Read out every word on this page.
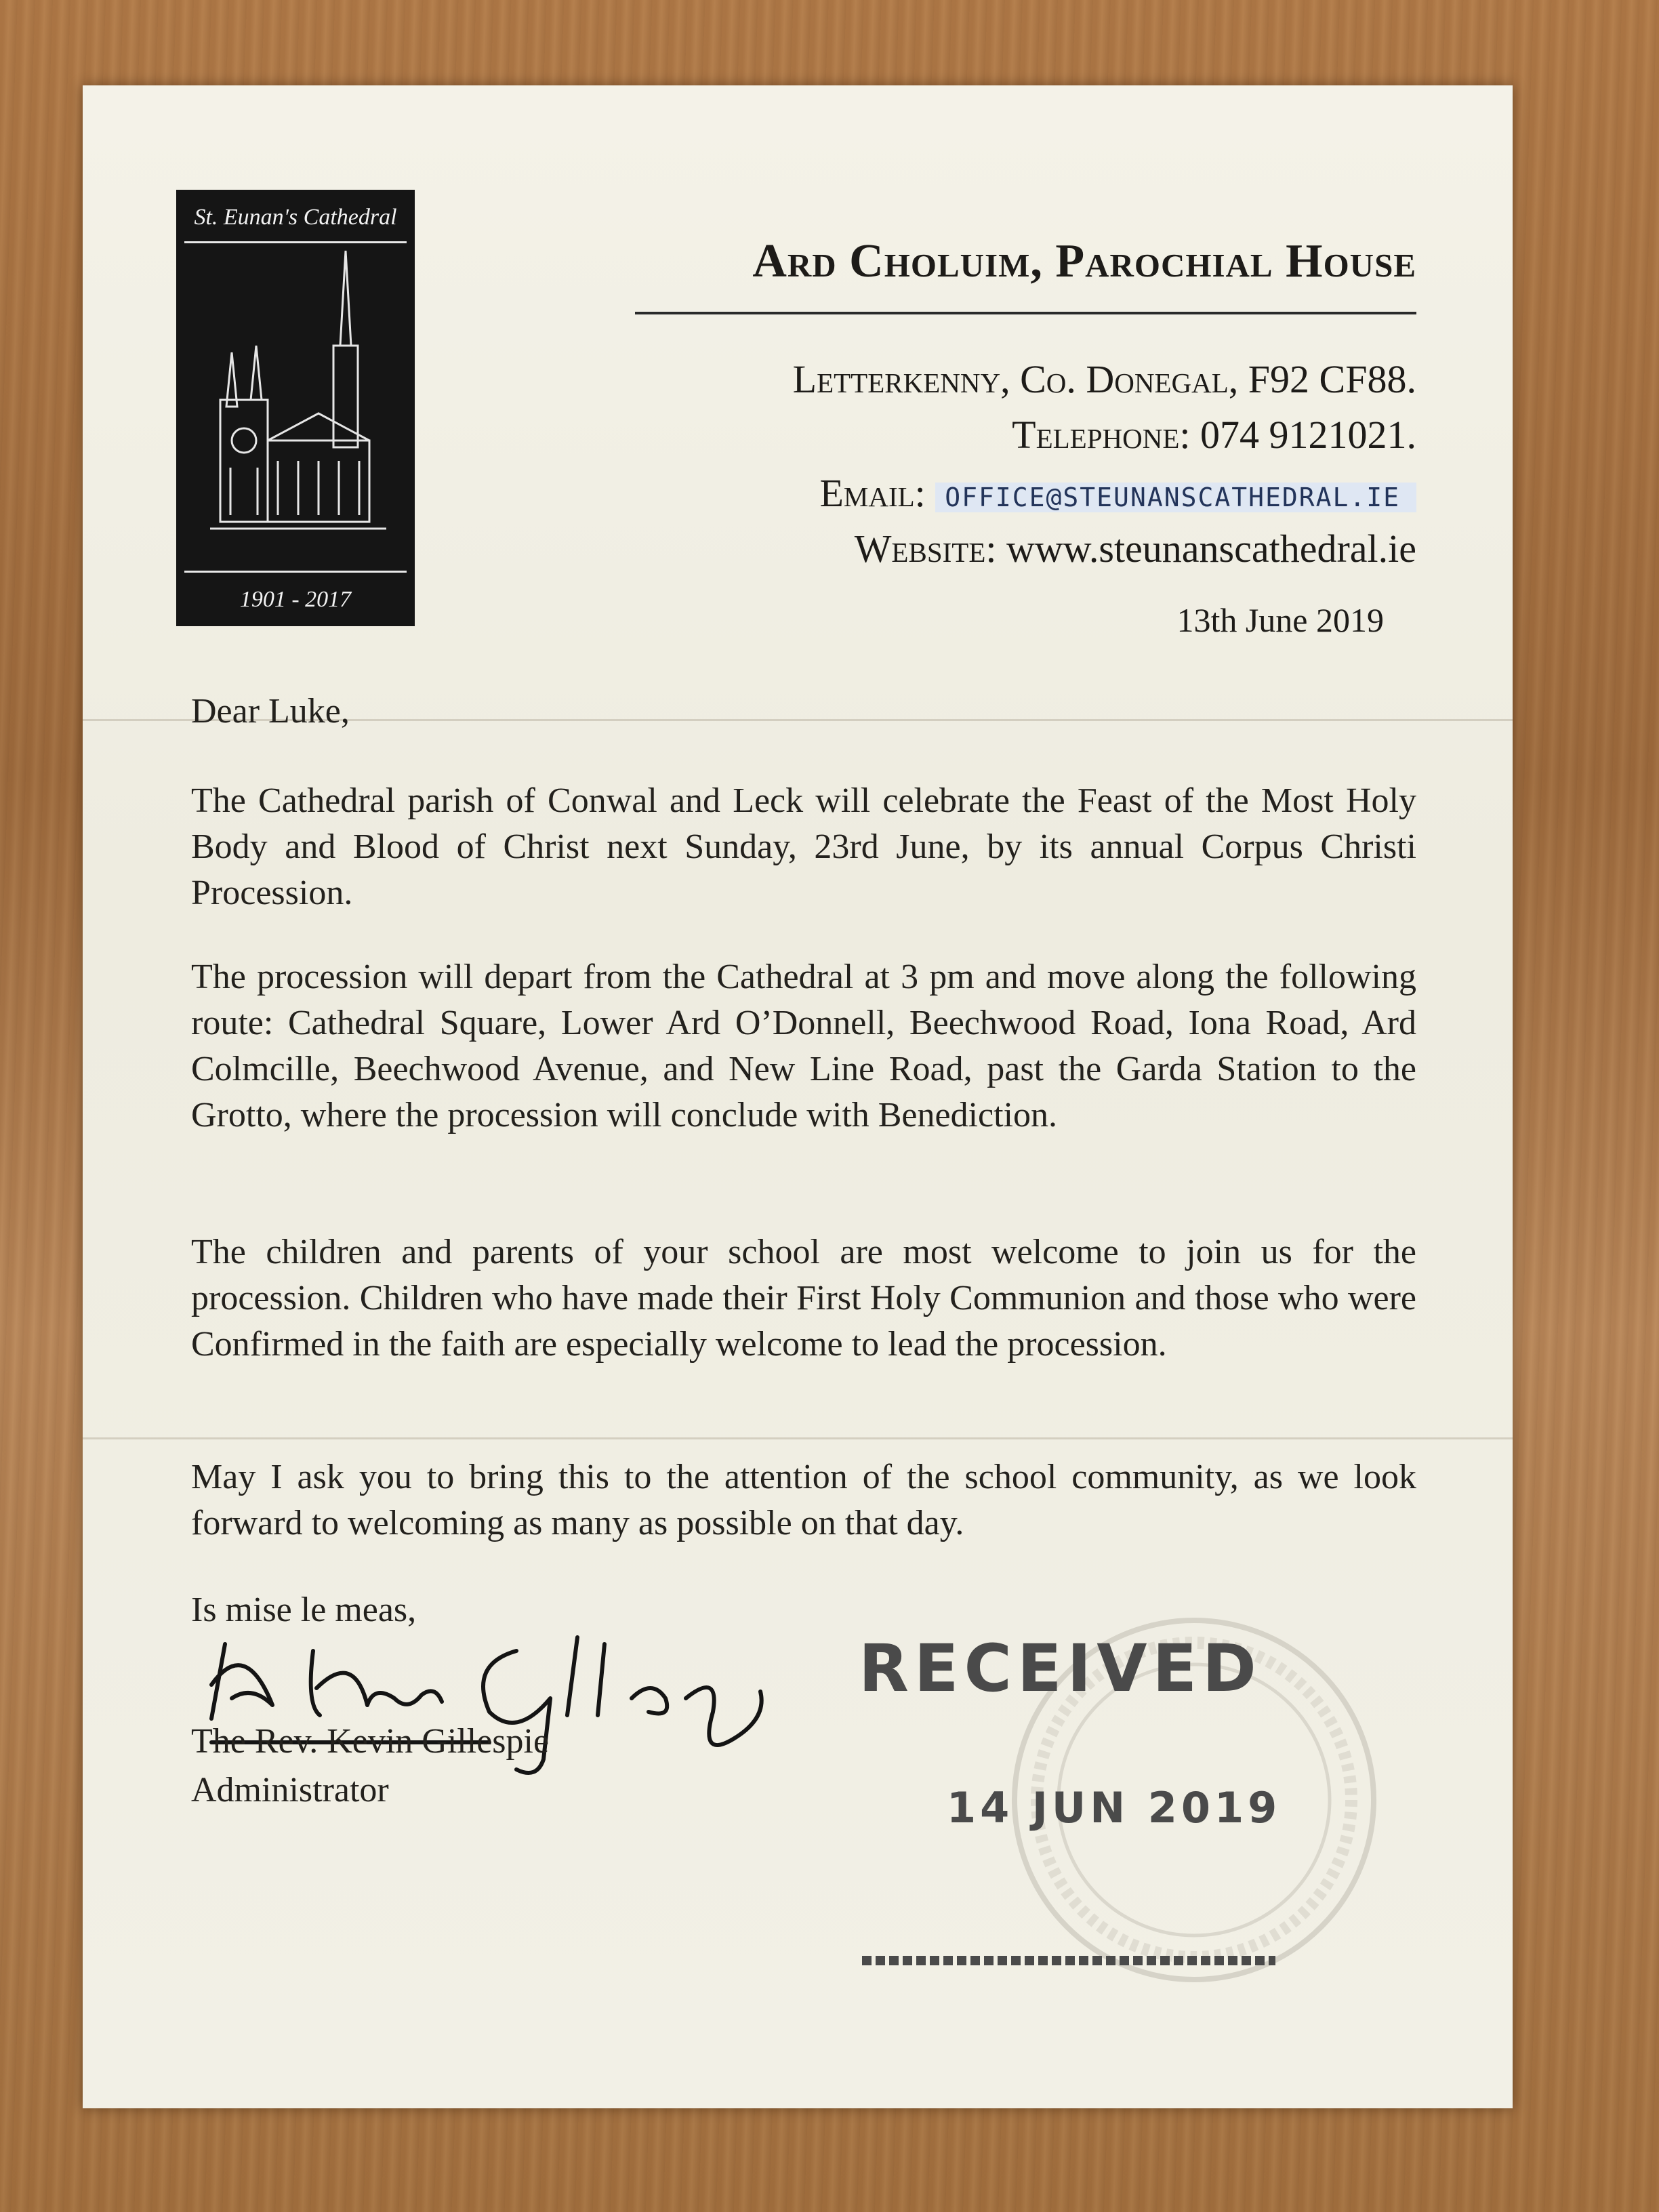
St. Eunan's Cathedral
1901 - 2017
Ard Choluim, Parochial House
Letterkenny, Co. Donegal, F92 CF88.
Telephone: 074 9121021.
Email: OFFICE@STEUNANSCATHEDRAL.IE
Website: www.steunanscathedral.ie
13th June 2019
Dear Luke,
The Cathedral parish of Conwal and Leck will celebrate the Feast of the Most Holy Body and Blood of Christ next Sunday, 23rd June, by its annual Corpus Christi Procession.
The procession will depart from the Cathedral at 3 pm and move along the following route: Cathedral Square, Lower Ard O’Donnell, Beechwood Road, Iona Road, Ard Colmcille, Beechwood Avenue, and New Line Road, past the Garda Station to the Grotto, where the procession will conclude with Benediction.
The children and parents of your school are most welcome to join us for the procession. Children who have made their First Holy Communion and those who were Confirmed in the faith are especially welcome to lead the procession.
May I ask you to bring this to the attention of the school community, as we look forward to welcoming as many as possible on that day.
Is mise le meas,
The Rev. Kevin Gillespie
Administrator
RECEIVED
14 JUN 2019
